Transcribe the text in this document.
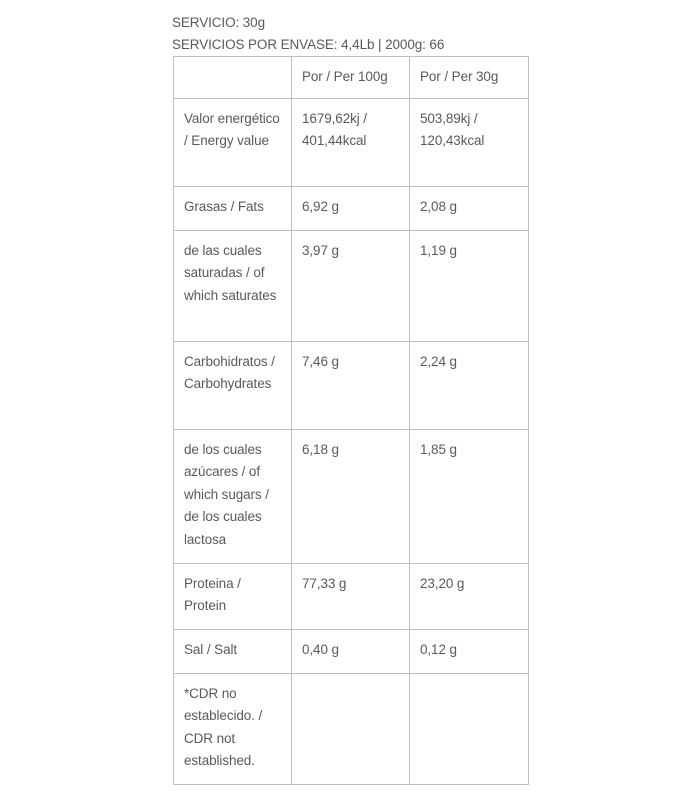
SERVICIO: 30g
SERVICIOS POR ENVASE: 4,4Lb | 2000g: 66
	Por / Per 100g	Por / Per 30g
Valor energético / Energy value	1679,62kj / 401,44kcal	503,89kj / 120,43kcal
Grasas / Fats	6,92 g	2,08 g
de las cuales saturadas / of which saturates	3,97 g	1,19 g
Carbohidratos / Carbohydrates	7,46 g	2,24 g
de los cuales azúcares / of which sugars / de los cuales lactosa	6,18 g	1,85 g
Proteina / Protein	77,33 g	23,20 g
Sal / Salt	0,40 g	0,12 g
*CDR no establecido. / CDR not established.		
